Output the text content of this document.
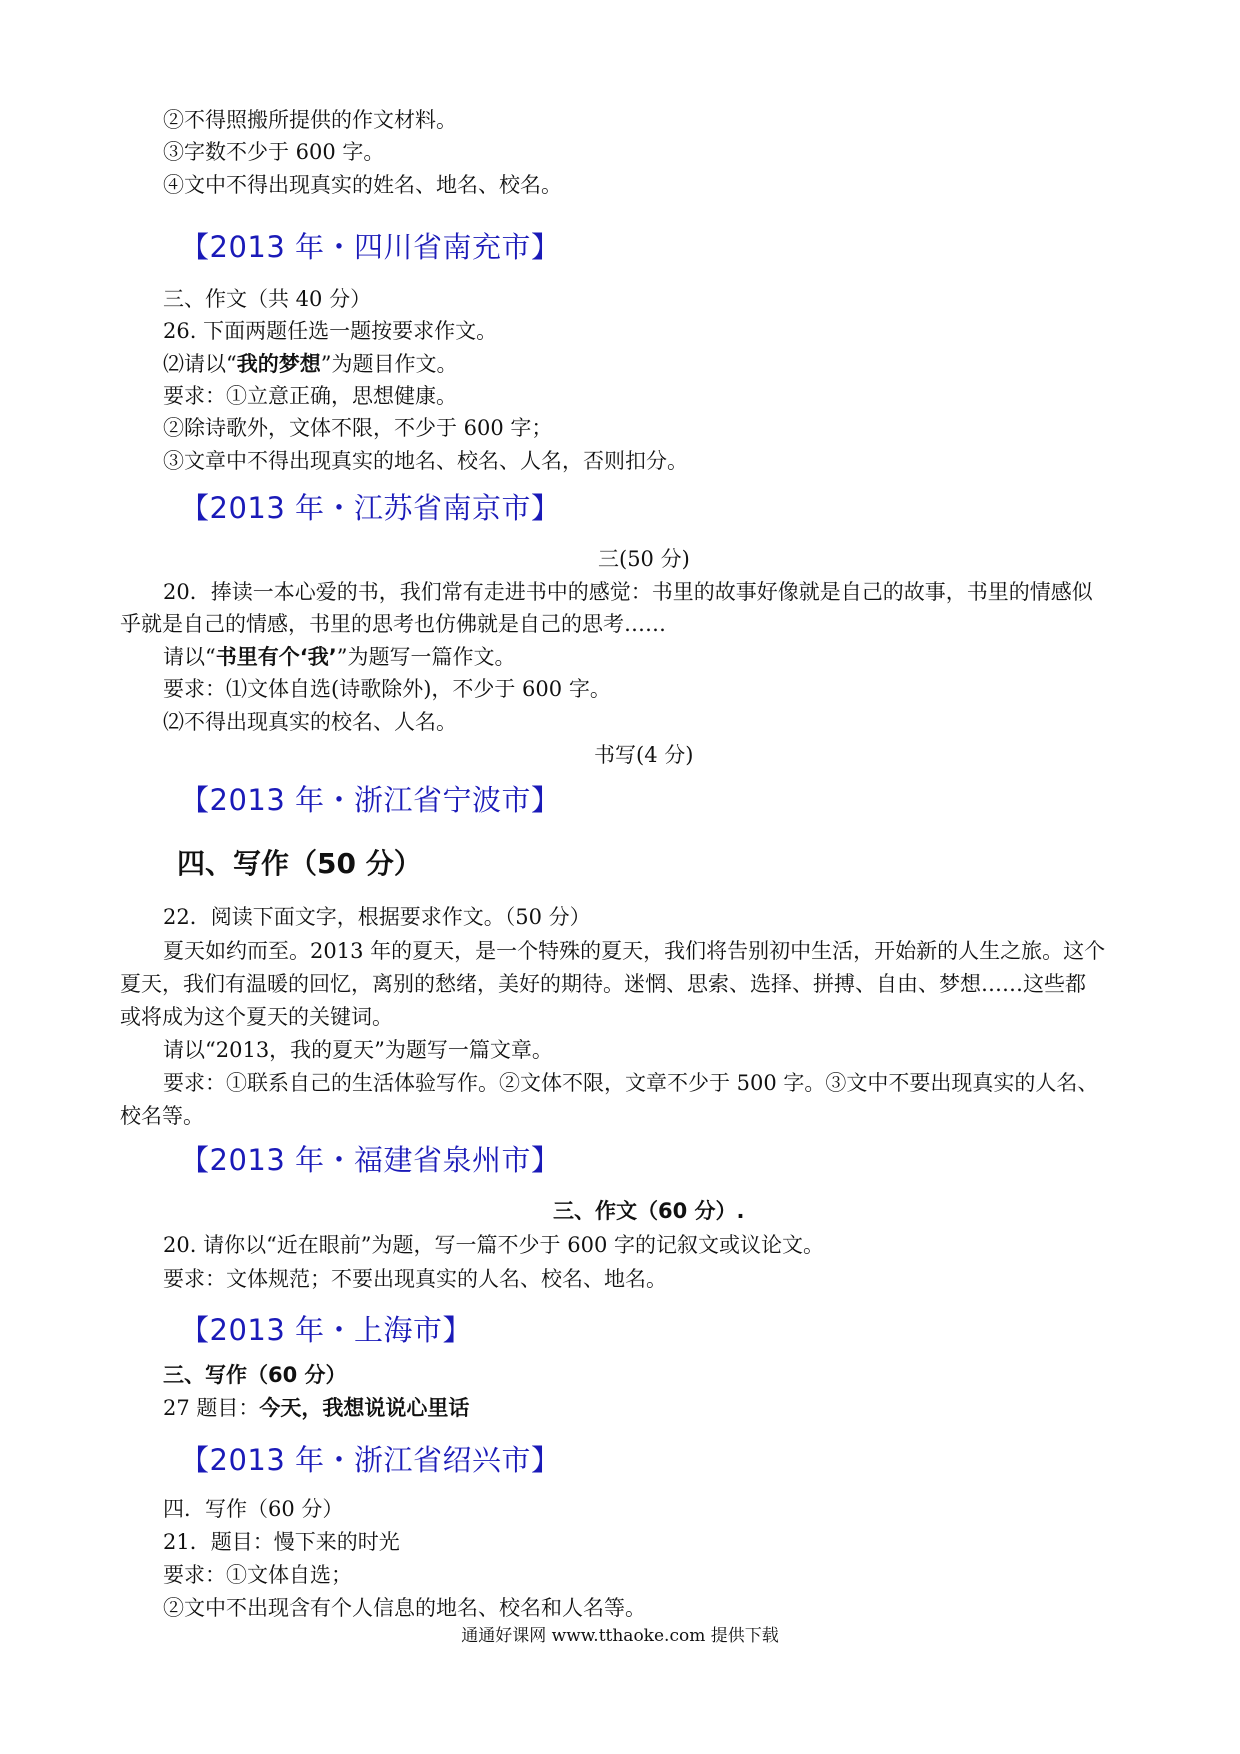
②不得照搬所提供的作文材料。
③字数不少于 600 字。
④文中不得出现真实的姓名、地名、校名。
【2013 年・四川省南充市】
三、作文（共 40 分）
26. 下面两题任选一题按要求作文。
⑵请以“我的梦想”为题目作文。
要求：①立意正确，思想健康。
②除诗歌外，文体不限，不少于 600 字；
③文章中不得出现真实的地名、校名、人名，否则扣分。
【2013 年・江苏省南京市】
三(50 分)
20．捧读一本心爱的书，我们常有走进书中的感觉：书里的故事好像就是自己的故事，书里的情感似
乎就是自己的情感，书里的思考也仿佛就是自己的思考……
请以“书里有个‘我’”为题写一篇作文。
要求：⑴文体自选(诗歌除外)，不少于 600 字。
⑵不得出现真实的校名、人名。
书写(4 分)
【2013 年・浙江省宁波市】
四、写作（50 分）
22．阅读下面文字，根据要求作文。（50 分）
夏天如约而至。2013 年的夏天，是一个特殊的夏天，我们将告别初中生活，开始新的人生之旅。这个
夏天，我们有温暖的回忆，离别的愁绪，美好的期待。迷惘、思索、选择、拼搏、自由、梦想……这些都
或将成为这个夏天的关键词。
请以“2013，我的夏天”为题写一篇文章。
要求：①联系自己的生活体验写作。②文体不限，文章不少于 500 字。③文中不要出现真实的人名、
校名等。
【2013 年・福建省泉州市】
三、作文（60 分）.
20. 请你以“近在眼前”为题，写一篇不少于 600 字的记叙文或议论文。
要求：文体规范；不要出现真实的人名、校名、地名。
【2013 年・上海市】
三、写作（60 分）
27 题目：今天，我想说说心里话
【2013 年・浙江省绍兴市】
四．写作（60 分）
21．题目：慢下来的时光
要求：①文体自选；
②文中不出现含有个人信息的地名、校名和人名等。
通通好课网 www.tthaoke.com 提供下载
